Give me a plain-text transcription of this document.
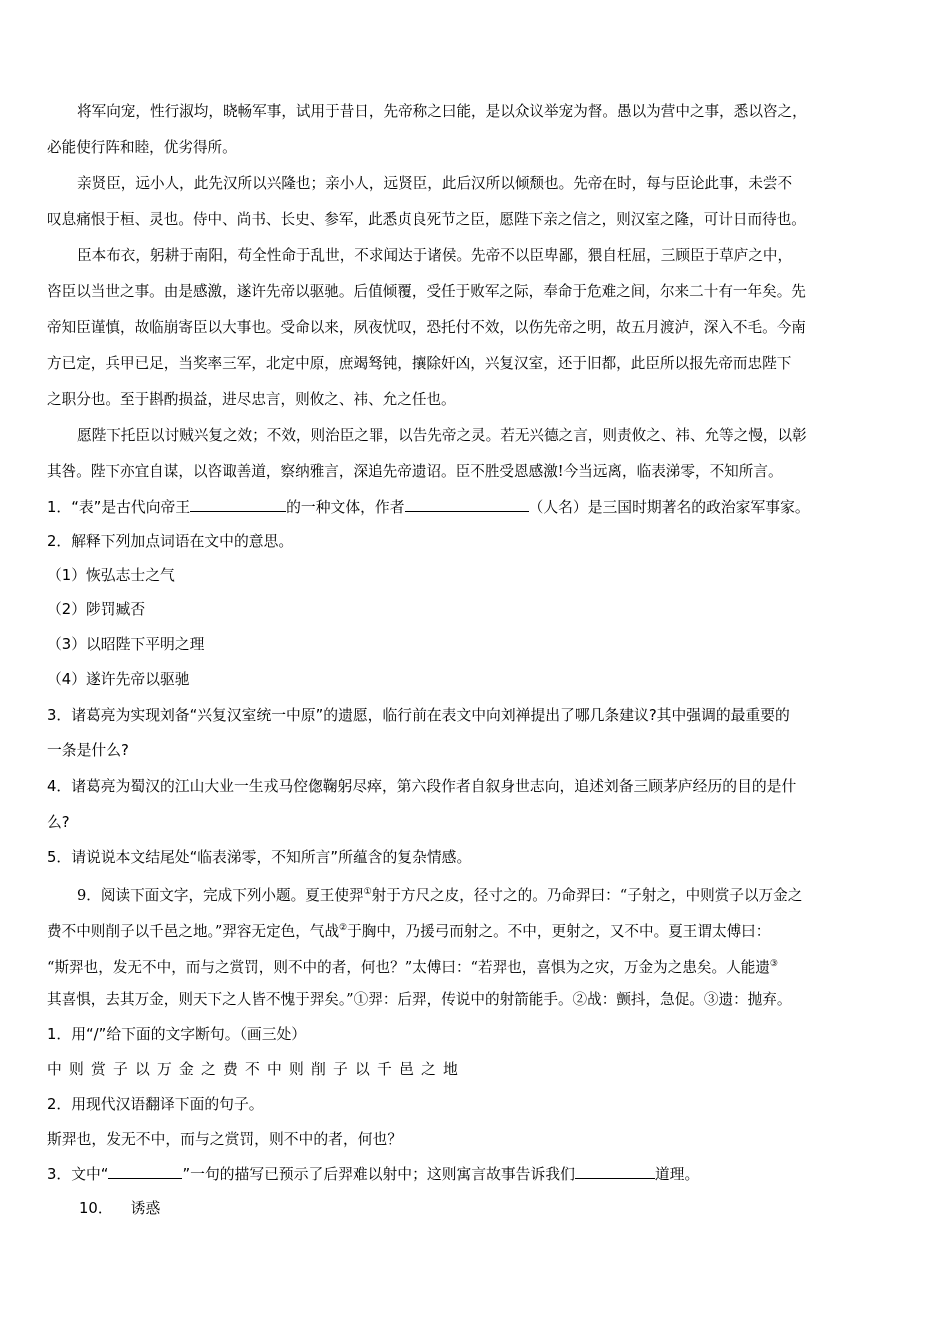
将军向宠，性行淑均，晓畅军事，试用于昔日，先帝称之曰能，是以众议举宠为督。愚以为营中之事，悉以咨之，
必能使行阵和睦，优劣得所。
亲贤臣，远小人，此先汉所以兴隆也；亲小人，远贤臣，此后汉所以倾颓也。先帝在时，每与臣论此事，未尝不
叹息痛恨于桓、灵也。侍中、尚书、长史、参军，此悉贞良死节之臣，愿陛下亲之信之，则汉室之隆，可计日而待也。
臣本布衣，躬耕于南阳，苟全性命于乱世，不求闻达于诸侯。先帝不以臣卑鄙，猥自枉屈，三顾臣于草庐之中，
咨臣以当世之事。由是感激，遂许先帝以驱驰。后值倾覆，受任于败军之际，奉命于危难之间，尔来二十有一年矣。先
帝知臣谨慎，故临崩寄臣以大事也。受命以来，夙夜忧叹，恐托付不效，以伤先帝之明，故五月渡泸，深入不毛。今南
方已定，兵甲已足，当奖率三军，北定中原，庶竭驽钝，攘除奸凶，兴复汉室，还于旧都，此臣所以报先帝而忠陛下
之职分也。至于斟酌损益，进尽忠言，则攸之、祎、允之任也。
愿陛下托臣以讨贼兴复之效；不效，则治臣之罪，以告先帝之灵。若无兴德之言，则责攸之、祎、允等之慢，以彰
其咎。陛下亦宜自谋，以咨诹善道，察纳雅言，深追先帝遗诏。臣不胜受恩感激!今当远离，临表涕零，不知所言。
1．“表”是古代向帝王	的一种文体，作者	（人名）是三国时期著名的政治家军事家。
2．解释下列加点词语在文中的意思。
（1）恢弘志士之气
（2）陟罚臧否
（3）以昭陛下平明之理
（4）遂许先帝以驱驰
3．诸葛亮为实现刘备“兴复汉室统一中原”的遗愿，临行前在表文中向刘禅提出了哪几条建议?其中强调的最重要的
一条是什么?
4．诸葛亮为蜀汉的江山大业一生戎马倥偬鞠躬尽瘁，第六段作者自叙身世志向，追述刘备三顾茅庐经历的目的是什
么?
5．请说说本文结尾处“临表涕零，不知所言”所蕴含的复杂情感。
9．阅读下面文字，完成下列小题。夏王使羿①射于方尺之皮，径寸之的。乃命羿曰：“子射之，中则赏子以万金之
费不中则削子以千邑之地。”羿容无定色，气战②于胸中，乃援弓而射之。不中，更射之，又不中。夏王谓太傅曰：
“斯羿也，发无不中，而与之赏罚，则不中的者，何也？”太傅曰：“若羿也，喜惧为之灾，万金为之患矣。人能遗③
其喜惧，去其万金，则天下之人皆不愧于羿矣。”①羿：后羿，传说中的射箭能手。②战：颤抖，急促。③遗：抛弃。
1．用“/”给下面的文字断句。（画三处）
中则赏子以万金之费不中则削子以千邑之地
2．用现代汉语翻译下面的句子。
斯羿也，发无不中，而与之赏罚，则不中的者，何也？
3．文中“	”一句的描写已预示了后羿难以射中；这则寓言故事告诉我们	道理。
10． 诱惑
